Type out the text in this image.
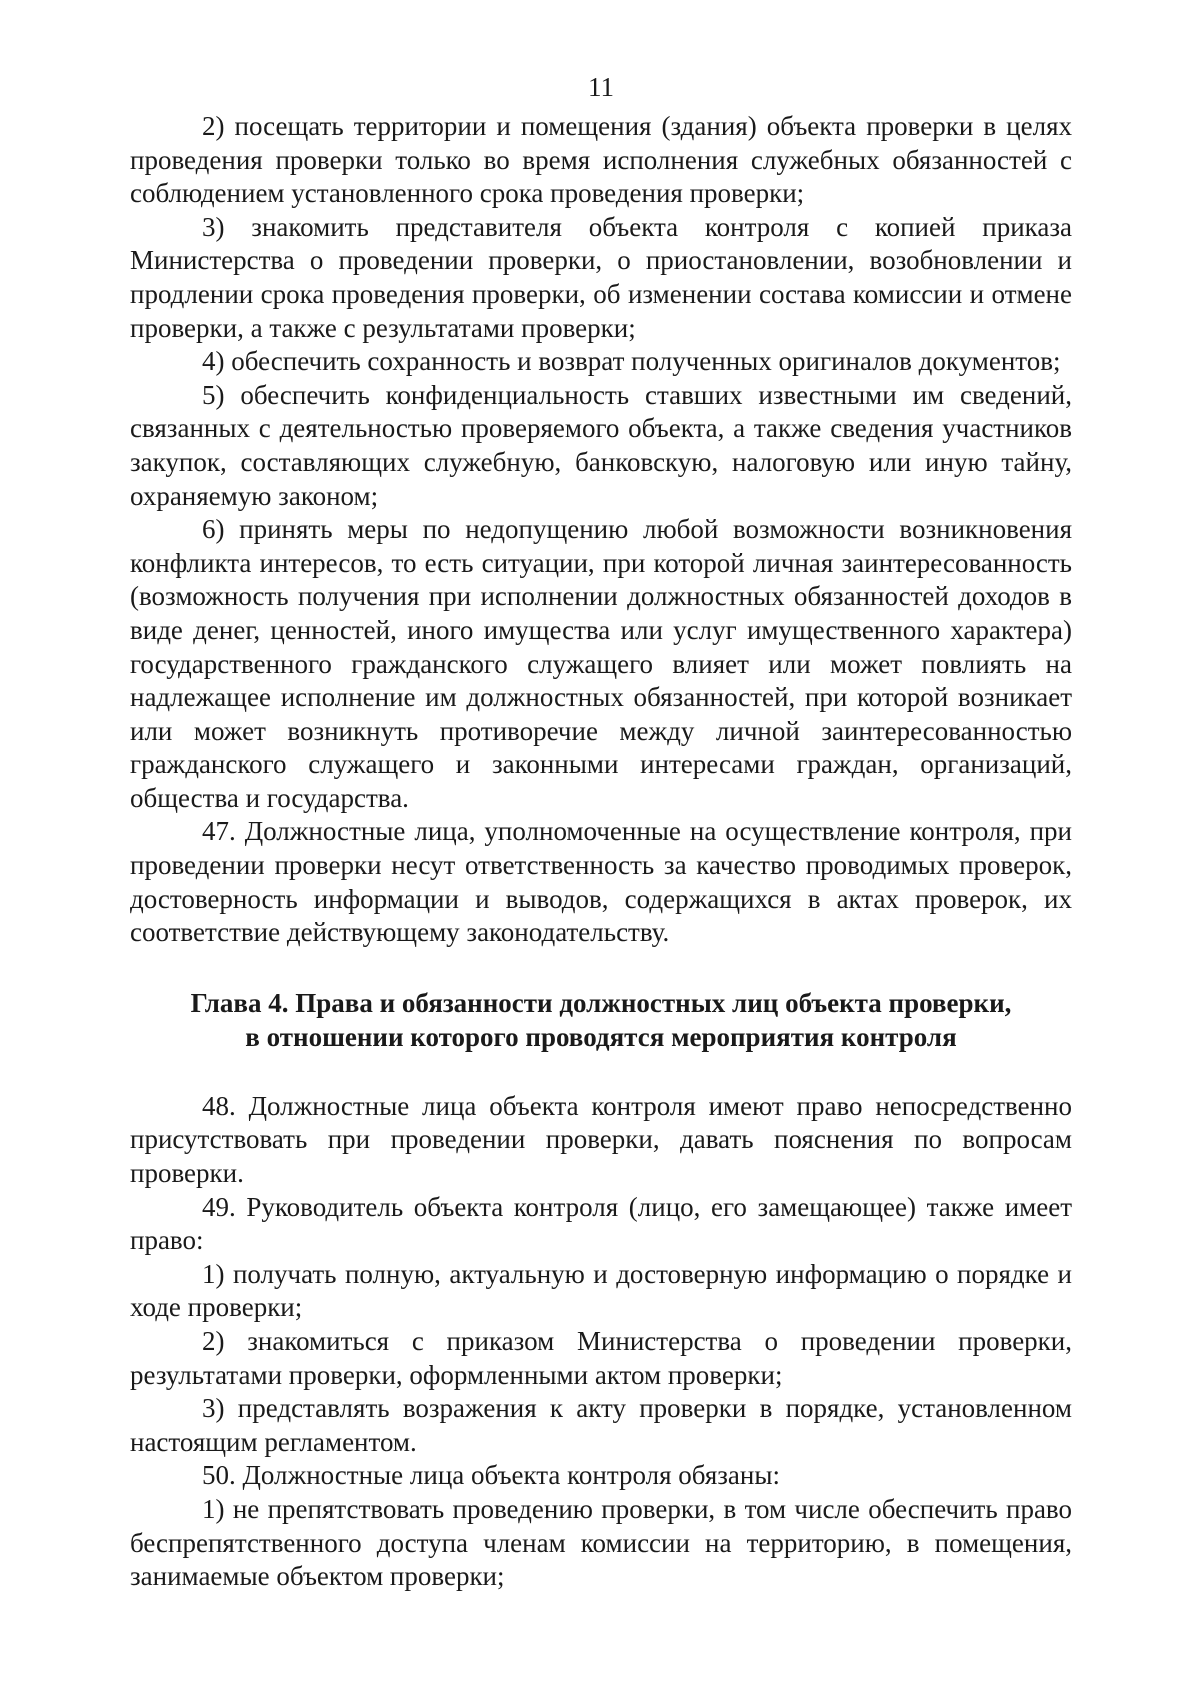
11

2) посещать территории и помещения (здания) объекта проверки в целях проведения проверки только во время исполнения служебных обязанностей с соблюдением установленного срока проведения проверки;

3) знакомить представителя объекта контроля с копией приказа Министерства о проведении проверки, о приостановлении, возобновлении и продлении срока проведения проверки, об изменении состава комиссии и отмене проверки, а также с результатами проверки;

4) обеспечить сохранность и возврат полученных оригиналов документов;

5) обеспечить конфиденциальность ставших известными им сведений, связанных с деятельностью проверяемого объекта, а также сведения участников закупок, составляющих служебную, банковскую, налоговую или иную тайну, охраняемую законом;

6) принять меры по недопущению любой возможности возникновения конфликта интересов, то есть ситуации, при которой личная заинтересованность (возможность получения при исполнении должностных обязанностей доходов в виде денег, ценностей, иного имущества или услуг имущественного характера) государственного гражданского служащего влияет или может повлиять на надлежащее исполнение им должностных обязанностей, при которой возникает или может возникнуть противоречие между личной заинтересованностью гражданского служащего и законными интересами граждан, организаций, общества и государства.

47. Должностные лица, уполномоченные на осуществление контроля, при проведении проверки несут ответственность за качество проводимых проверок, достоверность информации и выводов, содержащихся в актах проверок, их соответствие действующему законодательству.

Глава 4. Права и обязанности должностных лиц объекта проверки,
в отношении которого проводятся мероприятия контроля

48. Должностные лица объекта контроля имеют право непосредственно присутствовать при проведении проверки, давать пояснения по вопросам проверки.

49. Руководитель объекта контроля (лицо, его замещающее) также имеет право:

1) получать полную, актуальную и достоверную информацию о порядке и ходе проверки;

2) знакомиться с приказом Министерства о проведении проверки, результатами проверки, оформленными актом проверки;

3) представлять возражения к акту проверки в порядке, установленном настоящим регламентом.

50. Должностные лица объекта контроля обязаны:

1) не препятствовать проведению проверки, в том числе обеспечить право беспрепятственного доступа членам комиссии на территорию, в помещения, занимаемые объектом проверки;
